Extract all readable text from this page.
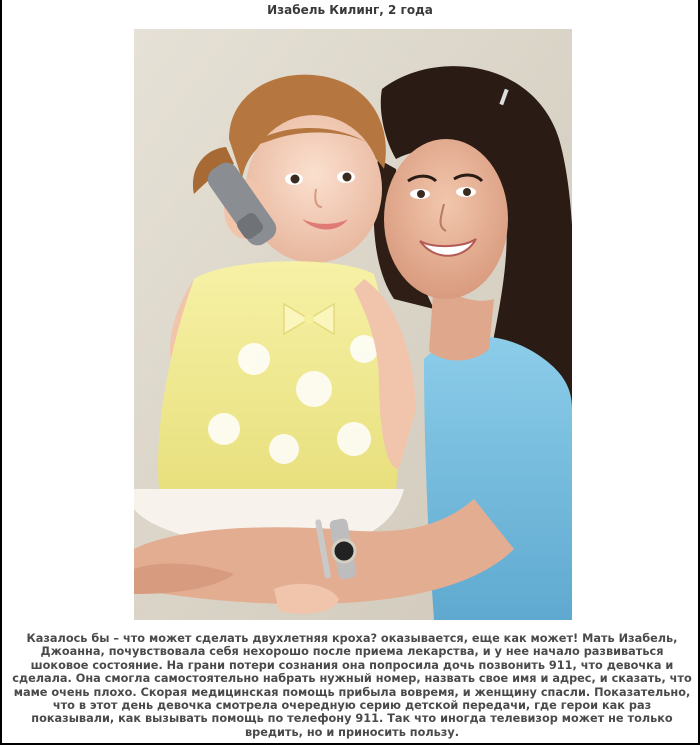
Изабель Килинг, 2 года

Казалось бы – что может сделать двухлетняя кроха? оказывается, еще как может! Мать Изабель, Джоанна, почувствовала себя нехорошо после приема лекарства, и у нее начало развиваться шоковое состояние. На грани потери сознания она попросила дочь позвонить 911, что девочка и сделала. Она смогла самостоятельно набрать нужный номер, назвать свое имя и адрес, и сказать, что маме очень плохо. Скорая медицинская помощь прибыла вовремя, и женщину спасли. Показательно, что в этот день девочка смотрела очередную серию детской передачи, где герои как раз показывали, как вызывать помощь по телефону 911. Так что иногда телевизор может не только вредить, но и приносить пользу.
